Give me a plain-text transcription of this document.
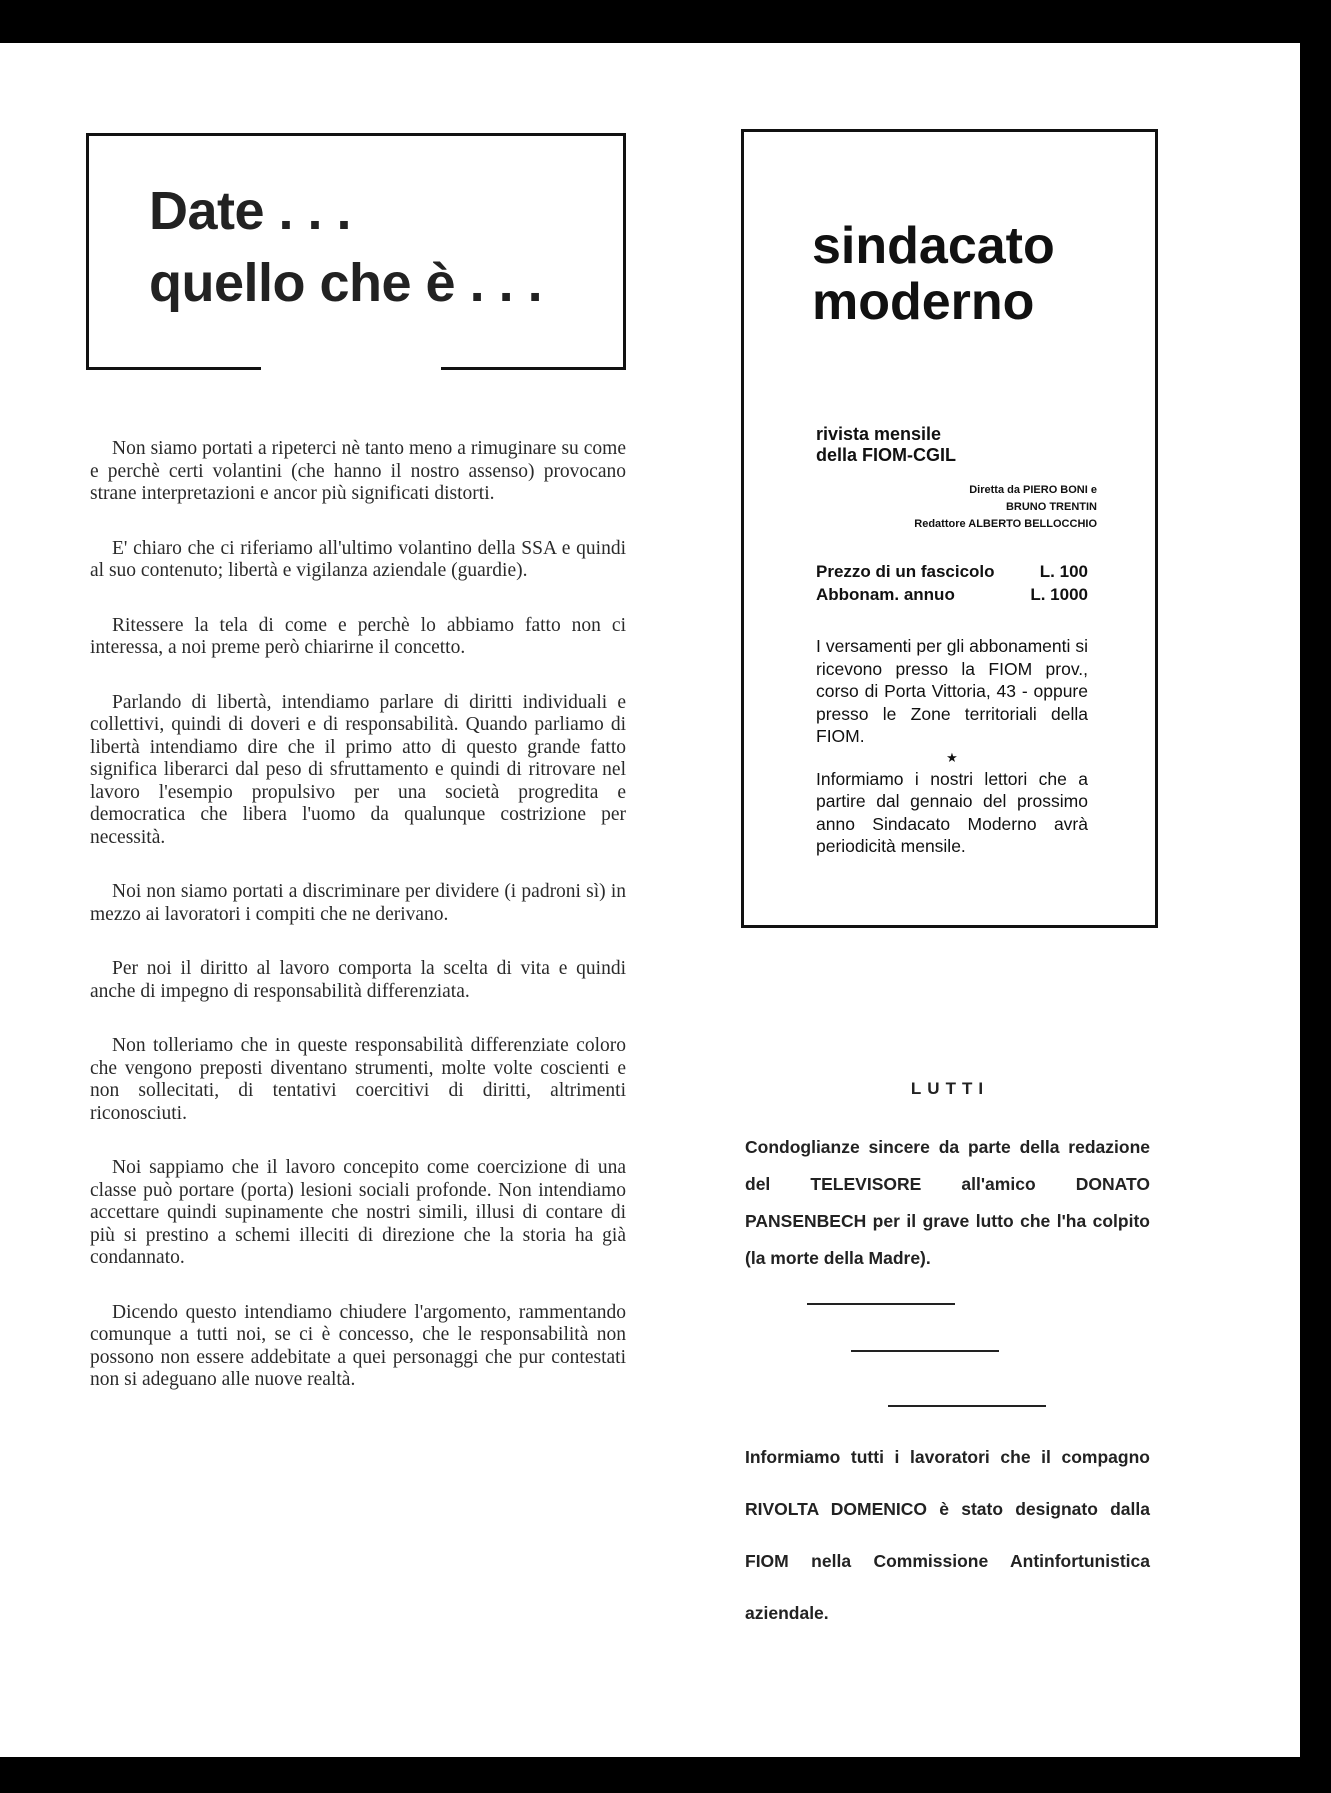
Date . . .
quello che è . . .

Non siamo portati a ripeterci nè tanto meno a rimuginare su come e perchè certi volantini (che hanno il nostro assenso) provocano strane interpretazioni e ancor più significati distorti.

E' chiaro che ci riferiamo all'ultimo volantino della SSA e quindi al suo contenuto; libertà e vigilanza aziendale (guardie).

Ritessere la tela di come e perchè lo abbiamo fatto non ci interessa, a noi preme però chiarirne il concetto.

Parlando di libertà, intendiamo parlare di diritti individuali e collettivi, quindi di doveri e di responsabilità. Quando parliamo di libertà intendiamo dire che il primo atto di questo grande fatto significa liberarci dal peso di sfruttamento e quindi di ritrovare nel lavoro l'esempio propulsivo per una società progredita e democratica che libera l'uomo da qualunque costrizione per necessità.

Noi non siamo portati a discriminare per dividere (i padroni sì) in mezzo ai lavoratori i compiti che ne derivano.

Per noi il diritto al lavoro comporta la scelta di vita e quindi anche di impegno di responsabilità differenziata.

Non tolleriamo che in queste responsabilità differenziate coloro che vengono preposti diventano strumenti, molte volte coscienti e non sollecitati, di tentativi coercitivi di diritti, altrimenti riconosciuti.

Noi sappiamo che il lavoro concepito come coercizione di una classe può portare (porta) lesioni sociali profonde. Non intendiamo accettare quindi supinamente che nostri simili, illusi di contare di più si prestino a schemi illeciti di direzione che la storia ha già condannato.

Dicendo questo intendiamo chiudere l'argomento, rammentando comunque a tutti noi, se ci è concesso, che le responsabilità non possono non essere addebitate a quei personaggi che pur contestati non si adeguano alle nuove realtà.

sindacato
moderno
rivista mensile
della FIOM-CGIL
Diretta da PIERO BONI e
BRUNO TRENTIN
Redattore ALBERTO BELLOCCHIO
Prezzo di un fascicolo	L. 100
Abbonam. annuo	L. 1000

I versamenti per gli abbonamenti si ricevono presso la FIOM prov., corso di Porta Vittoria, 43 - oppure presso le Zone territoriali della FIOM.

★

Informiamo i nostri lettori che a partire dal gennaio del prossimo anno Sindacato Moderno avrà periodicità mensile.

LUTTI
Condoglianze sincere da parte della redazione del TELEVISORE all'amico DONATO PANSENBECH per il grave lutto che l'ha colpito (la morte della Madre).
Informiamo tutti i lavoratori che il compagno RIVOLTA DOMENICO è stato designato dalla FIOM nella Commissione Antinfortunistica aziendale.
